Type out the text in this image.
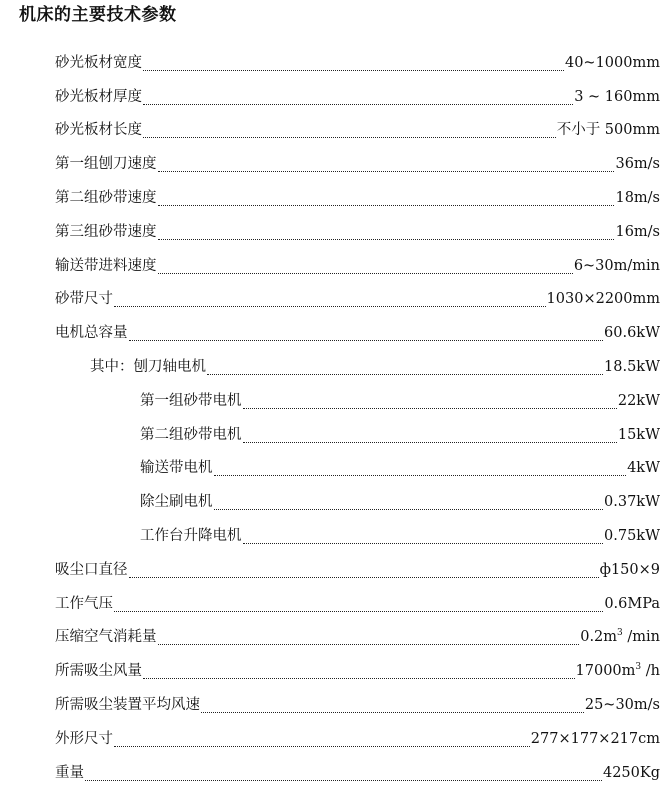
机床的主要技术参数
砂光板材宽度	40~1000mm
砂光板材厚度	3 ~ 160mm
砂光板材长度	不小于 500mm
第一组刨刀速度	36m/s
第二组砂带速度	18m/s
第三组砂带速度	16m/s
输送带进料速度	6~30m/min
砂带尺寸	1030×2200mm
电机总容量	60.6kW
其中：刨刀轴电机	18.5kW
第一组砂带电机	22kW
第二组砂带电机	15kW
输送带电机	4kW
除尘刷电机	0.37kW
工作台升降电机	0.75kW
吸尘口直径	ф150×9
工作气压	0.6MPa
压缩空气消耗量	$0.2m^3$ /min
所需吸尘风量	$17000m^3$ /h
所需吸尘装置平均风速	25~30m/s
外形尺寸	277×177×217cm
重量	4250Kg
